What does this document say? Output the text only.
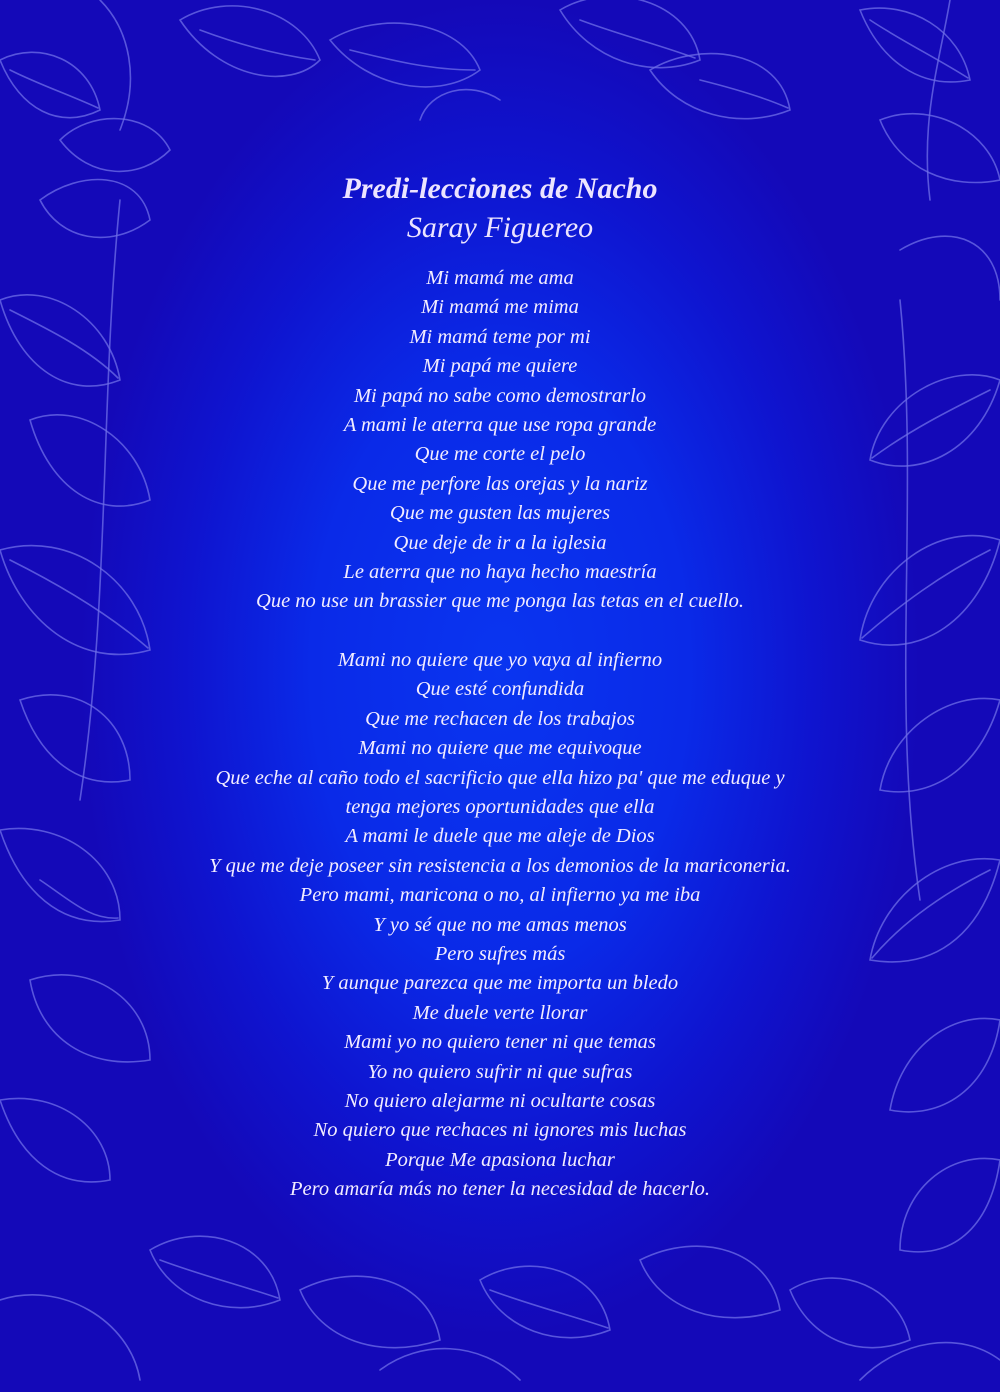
Predi-lecciones de Nacho
Saray Figuereo
Mi mamá me ama
Mi mamá me mima
Mi mamá teme por mi
Mi papá me quiere
Mi papá no sabe como demostrarlo
A mami le aterra que use ropa grande
Que me corte el pelo
Que me perfore las orejas y la nariz
Que me gusten las mujeres
Que deje de ir a la iglesia
Le aterra que no haya hecho maestría
Que no use un brassier que me ponga las tetas en el cuello.
Mami no quiere que yo vaya al infierno
Que esté confundida
Que me rechacen de los trabajos
Mami no quiere que me equivoque
Que eche al caño todo el sacrificio que ella hizo pa' que me eduque y
tenga mejores oportunidades que ella
A mami le duele que me aleje de Dios
Y que me deje poseer sin resistencia a los demonios de la mariconeria.
Pero mami, maricona o no, al infierno ya me iba
Y yo sé que no me amas menos
Pero sufres más
Y aunque parezca que me importa un bledo
Me duele verte llorar
Mami yo no quiero tener ni que temas
Yo no quiero sufrir ni que sufras
No quiero alejarme ni ocultarte cosas
No quiero que rechaces ni ignores mis luchas
Porque Me apasiona luchar
Pero amaría más no tener la necesidad de hacerlo.
